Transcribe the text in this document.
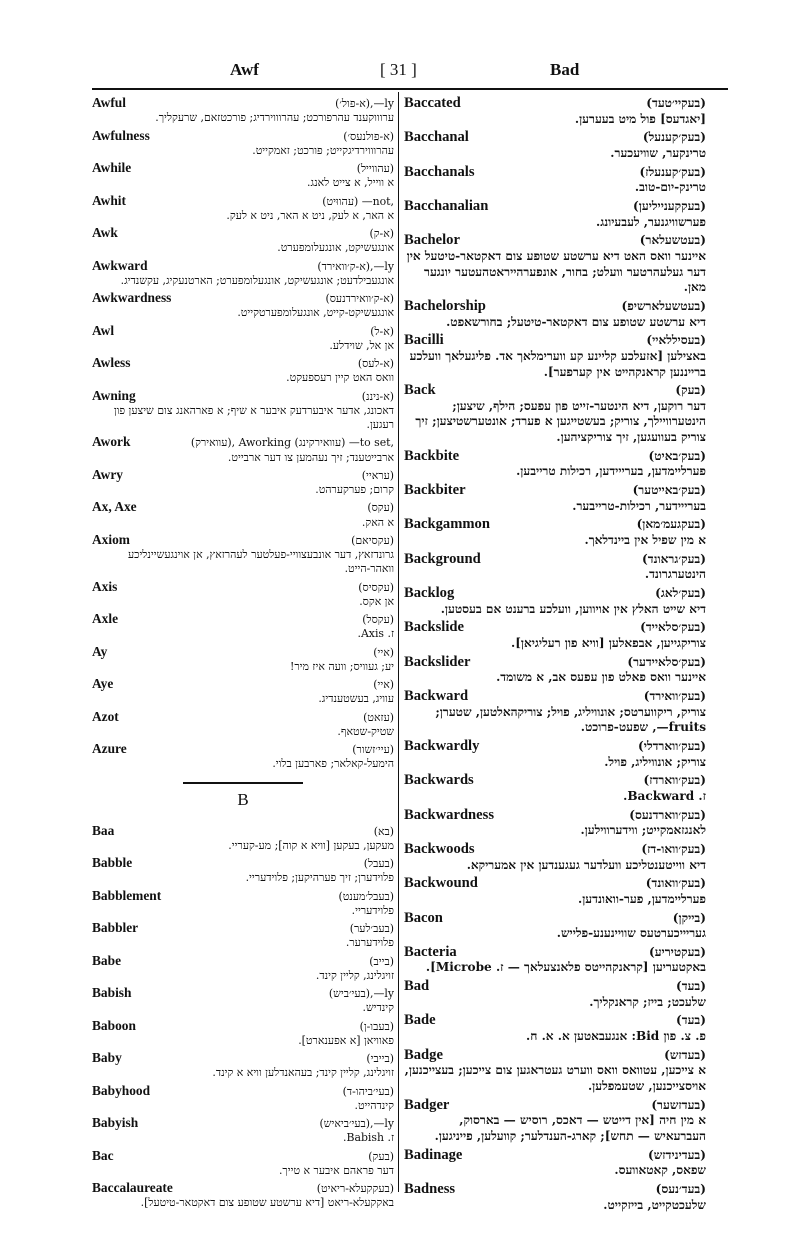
Awf	[ 31 ]	Bad
Awful	(א-פול׳),—ly
ערוווקענד עהרפורכט; עהרוווירדיג; פורכטזאם, שרעקליך.
Awfulness	(א-פולנעס׳)
עהרוווירדיגקייט; פורכט; זאמקייט.
Awhile	(עהווייל)
א ווייל, א צייט לאנג.
Awhit	(עהווּיט) —not,
א האר, א לעק, ניט א האר, ניט א לעק.
Awk	(א-ק)
אונגעשיקט, אונגעלומפערט.
Awkward	(א-ק׳וואירד),—ly
אונגעבילדעט; אונגעשיקט, אונגעלומפערט; הארטנעקיג, עקשנדיג.
Awkwardness	(א-ק׳וואירדנעס)
אונגעשיקט-קייט, אונגעלומפערטקייט.
Awl	(א-ל)
אן אל, שוידלע.
Awless	(א-לעס)
וואס האט קיין רעספעקט.
Awning	(א-ניננ)
דאכונג, אדער איבערדעק איבער א שיף; א פארהאנג צום שיצען פון רעגען.
Awork	(עוואירק), Aworking (עוואירקינג) —to set,
ארבייטענד; זיך נעהמען צו דער ארבייט.
Awry	(עראיי)
קרום; פערקערהט.
Ax, Axe	(עקס)
א האק.
Axiom	(עקסיאם)
גרונדזאץ, דער אונבעצוויי-פעלטער לעהרזאץ, אן אוינגעשיינליכע וואהר-הייט.
Axis	(עקסיס)
אן אקס.
Axle	(עקסל)
ז. Axis.
Ay	(איי)
יע; געוויס; וועה איז מיר!
Aye	(איי)
עוויג, בעשטענדיג.
Azot	(עזאט)
שטיק-שטאף.
Azure	(עיי׳זשור)
הימעל-קאלאר; פארבען בלוי.
B
Baa	(בא)
מעקען, בעקען [וויא א קוה]; מע-קעריי.
Babble	(בעבל)
פלוידערן; זיך פערהיקען; פלוידעריי.
Babblement	(בעבל׳מענט)
פלוידעריי.
Babbler	(בעב׳לער)
פלוידערער.
Babe	(בייב)
זויגלינג, קליין קינד.
Babish	(בעי׳ביש),—ly
קינדיש.
Baboon	(בעבו-ן)
פאוויאן [א אפענארט].
Baby	(בייבי)
זויגלינג, קליין קינד; בעהאנדלען וויא א קינד.
Babyhood	(בעי׳ביהו-ד)
קינדהייט.
Babyish	(בעי׳ביאיש),—ly
ז. Babish.
Bac	(בעק)
דער פראהם איבער א טייך.
Baccalaureate	(בעקקעלא-ריאיט)
באקקעלא-ריאט [דיא ערשטע שטופע צום דאקטאר-טיטעל].
Baccated	(בעקיי׳טעד)
[יאגדעס] פול מיט בעערען.
Bacchanal	(בעק׳קענעל)
טרינקער, שוויעכער.
Bacchanals	(בעק׳קענעלז)
טרינק-יום-טוב.
Bacchanalian	(בעקקענייליען)
פערשוויגנער, לעבעיונג.
Bachelor	(בעטשעלאר)
איינער וואס האט דיא ערשטע שטופע צום דאקטאר-טיטעל אין דער געלעהרטער וועלט; בחור, אונפערהייראטהעטער יונגער מאן.
Bachelorship	(בעטשעלארשיפ)
דיא ערשטע שטופע צום דאקטאר-טיטעל; בחורשאפט.
Bacilli	(בעסיללאיי)
באצילען [אזעלכע קליינע קע ווערימלאך אד. פליגעלאך וועלכע ברייננען קראנקהייט אין קערפער].
Back	(בעק)
דער רוקען, דיא הינטער-זייט פון עפעס; הילף, שיצען; הינטערוויילך, צוריק; בעשטייגען א פערד; אונטערשטיצען; זיך צוריק בעוועגען, זיך צוריקציהען.
Backbite	(בעק׳באיט)
פערליימדען, בערייידען, רכילות טרייבען.
Backbiter	(בעק׳באייטער)
בערייידער, רכילות-טרייבער.
Backgammon	(בעקגעמ׳מאן)
א מין שפיל אין ביינדלאך.
Background	(בעק׳גראונד)
הינטערגרונד.
Backlog	(בעק׳לאג)
דיא שייט האלץ אין אויווען, וועלכע ברענט אם בעסטען.
Backslide	(בעק׳סלאייד)
צוריקגייען, אבפאלען [וויא פון רעליגיאן].
Backslider	(בעק׳סלאיידער)
איינער וואס פאלט פון עפעס אב, א משומד.
Backward	(בעק׳וואירד)
צוריק, ריקווערטס; אונוויליג, פויל; צוריקהאלטען, שטערן; fruits—, שפעט-פרוכט.
Backwardly	(בעק׳ווארדלי)
צוריק; אונוויליג, פויל.
Backwards	(בעק׳ווארדז)
ז. Backward.
Backwardness	(בעק׳ווארדנעס)
לאנגזאמקייט; ווידערווילען.
Backwoods	(בעק׳וואו-דז)
דיא ווייטענטליכע וועלדער געגענדען אין אמעריקא.
Backwound	(בעק׳וואונד)
פערליימדען, פער-וואונדען.
Bacon	(בייקן)
געריייכערטעס שוויינענע-פלייש.
Bacteria	(בעקטיריע)
באקטעריען [קראנקהייטס פלאנצעלאך — ז. Microbe].
Bad	(בעד)
שלעכט; בייז; קראנקליך.
Bade	(בעד)
פ. צ. פון Bid: אנגעבאטען א. א. ח.
Badge	(בעדזש)
א צייכען, עטוואס וואס ווערט געטראגען צום צייכען; בעצייכנען, אויסצייכנען, שטעמפלען.
Badger	(בעדזשער)
א מין חיה [אין דייטש — דאכס, רוסיש — בארסוק, העברעאיש — תחש]; קארג-הענדלער; קוועלען, פייניגען.
Badinage	(בעדינידזש)
שפאס, קאטאוועס.
Badness	(בעד׳נעס)
שלעכטקייט, בייזקייט.
